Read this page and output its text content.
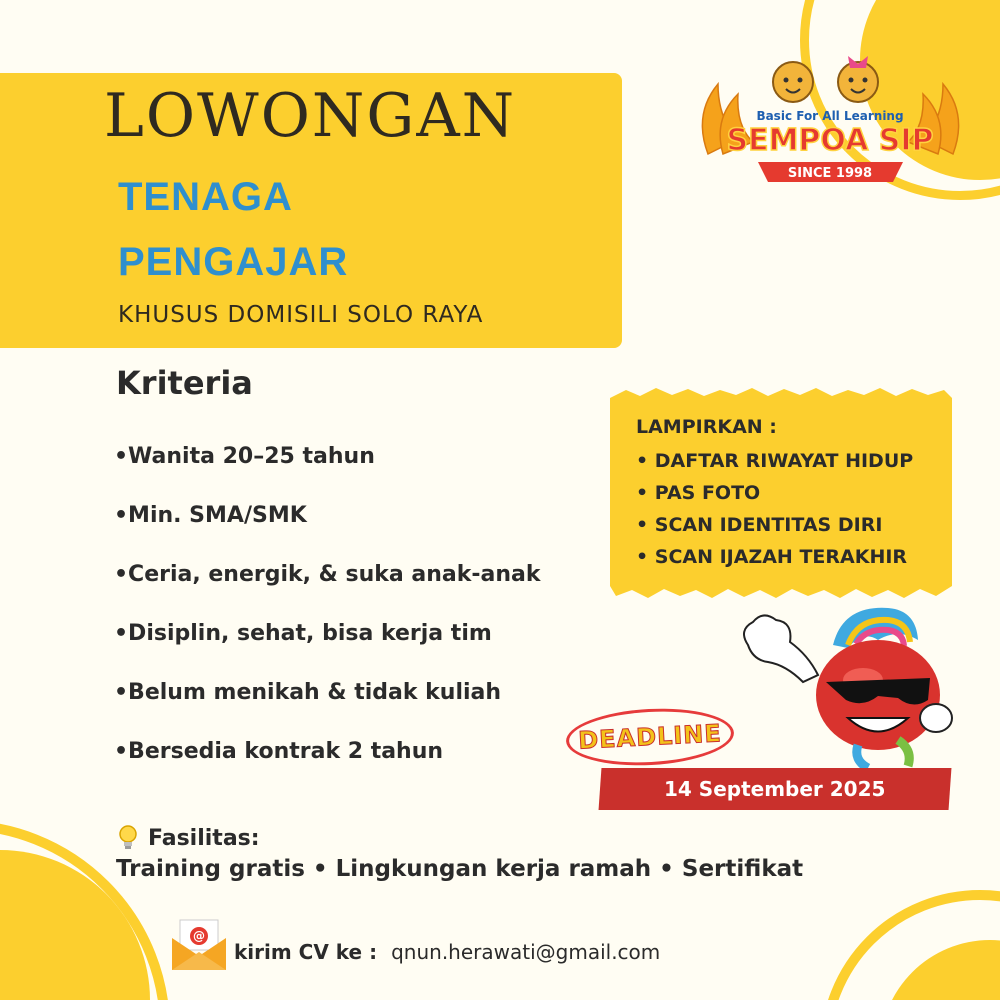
LOWONGAN
TENAGA
PENGAJAR
KHUSUS DOMISILI SOLO RAYA
Basic For All Learning
SEMPOA SIP
SINCE 1998
Kriteria
•Wanita 20–25 tahun
•Min. SMA/SMK
•Ceria, energik, & suka anak-anak
•Disiplin, sehat, bisa kerja tim
•Belum menikah & tidak kuliah
•Bersedia kontrak 2 tahun
LAMPIRKAN :
• DAFTAR RIWAYAT HIDUP
• PAS FOTO
• SCAN IDENTITAS DIRI
• SCAN IJAZAH TERAKHIR
DEADLINE
14 September 2025
Fasilitas:
Training gratis • Lingkungan kerja ramah • Sertifikat
@
kirim CV ke : qnun.herawati@gmail.com
